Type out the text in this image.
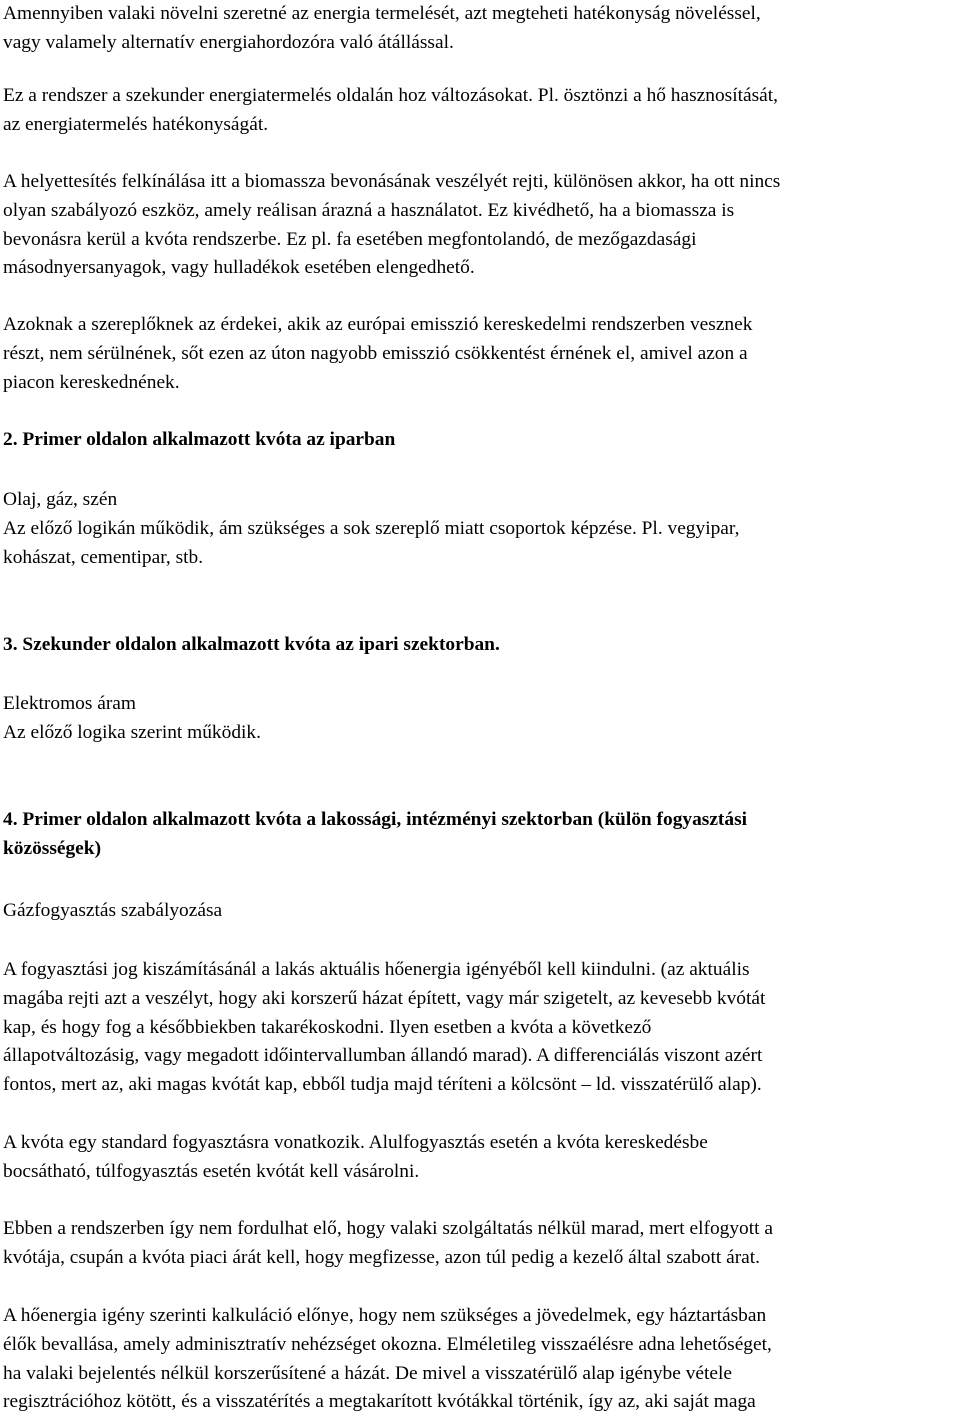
Amennyiben valaki növelni szeretné az energia termelését, azt megteheti hatékonyság növeléssel,
vagy valamely alternatív energiahordozóra való átállással.
Ez a rendszer a szekunder energiatermelés oldalán hoz változásokat. Pl. ösztönzi a hő hasznosítását,
az energiatermelés hatékonyságát.
A helyettesítés felkínálása itt a biomassza bevonásának veszélyét rejti, különösen akkor, ha ott nincs
olyan szabályozó eszköz, amely reálisan árazná a használatot. Ez kivédhető, ha a biomassza is
bevonásra kerül a kvóta rendszerbe. Ez pl. fa esetében megfontolandó, de mezőgazdasági
másodnyersanyagok, vagy hulladékok esetében elengedhető.
Azoknak a szereplőknek az érdekei, akik az európai emisszió kereskedelmi rendszerben vesznek
részt, nem sérülnének, sőt ezen az úton nagyobb emisszió csökkentést érnének el, amivel azon a
piacon kereskednének.
2. Primer oldalon alkalmazott kvóta az iparban
Olaj, gáz, szén
Az előző logikán működik, ám szükséges a sok szereplő miatt csoportok képzése. Pl. vegyipar,
kohászat, cementipar, stb.
3. Szekunder oldalon alkalmazott kvóta az ipari szektorban.
Elektromos áram
Az előző logika szerint működik.
4. Primer oldalon alkalmazott kvóta a lakossági, intézményi szektorban (külön fogyasztási
közösségek)
Gázfogyasztás szabályozása
A fogyasztási jog kiszámításánál a lakás aktuális hőenergia igényéből kell kiindulni. (az aktuális
magába rejti azt a veszélyt, hogy aki korszerű házat épített, vagy már szigetelt, az kevesebb kvótát
kap, és hogy fog a későbbiekben takarékoskodni. Ilyen esetben a kvóta a következő
állapotváltozásig, vagy megadott időintervallumban állandó marad). A differenciálás viszont azért
fontos, mert az, aki magas kvótát kap, ebből tudja majd téríteni a kölcsönt – ld. visszatérülő alap).
A kvóta egy standard fogyasztásra vonatkozik. Alulfogyasztás esetén a kvóta kereskedésbe
bocsátható, túlfogyasztás esetén kvótát kell vásárolni.
Ebben a rendszerben így nem fordulhat elő, hogy valaki szolgáltatás nélkül marad, mert elfogyott a
kvótája, csupán a kvóta piaci árát kell, hogy megfizesse, azon túl pedig a kezelő által szabott árat.
A hőenergia igény szerinti kalkuláció előnye, hogy nem szükséges a jövedelmek, egy háztartásban
élők bevallása, amely adminisztratív nehézséget okozna. Elméletileg visszaélésre adna lehetőséget,
ha valaki bejelentés nélkül korszerűsítené a házát. De mivel a visszatérülő alap igénybe vétele
regisztrációhoz kötött, és a visszatérítés a megtakarított kvótákkal történik, így az, aki saját maga
